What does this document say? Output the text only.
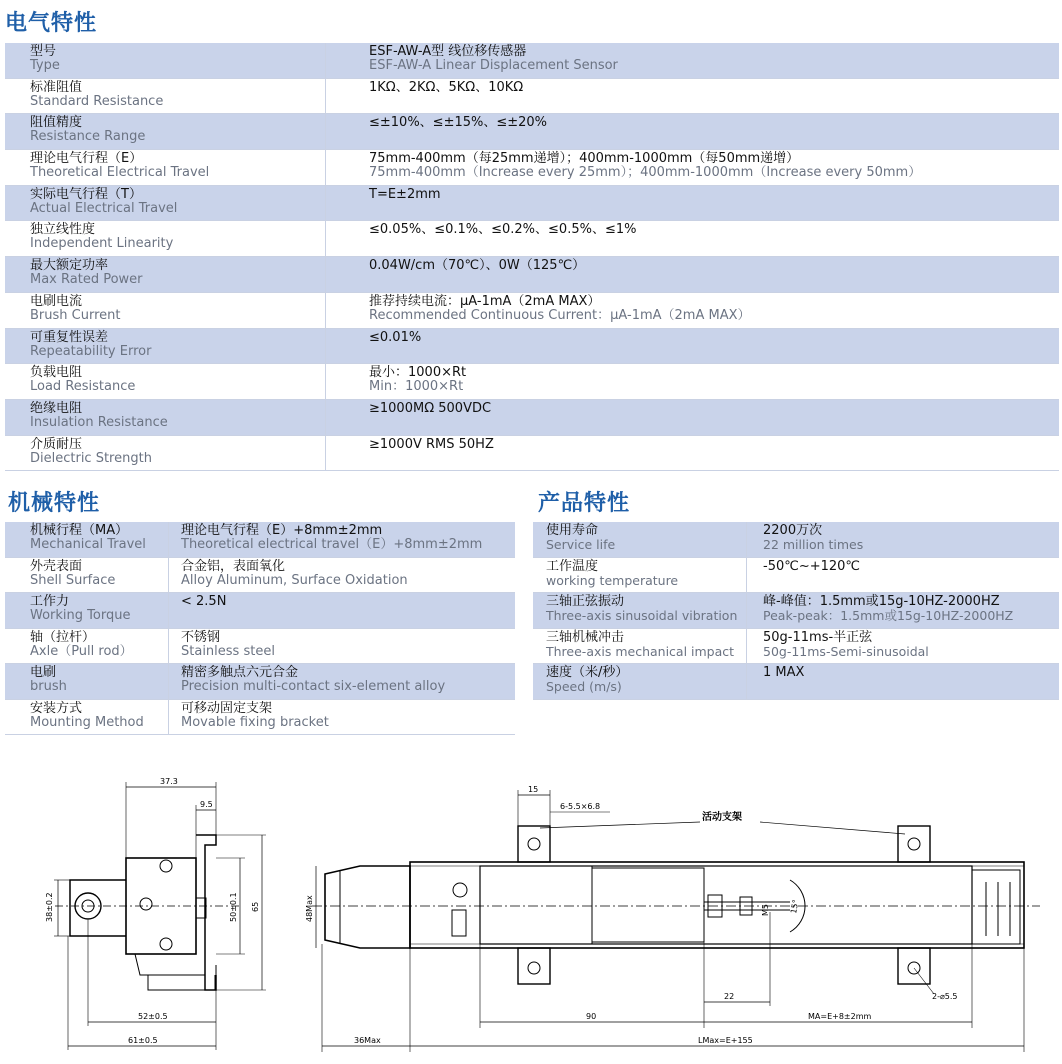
电气特性
型号
Type	ESF-AW-A型 线位移传感器
ESF-AW-A Linear Displacement Sensor

标准阻值
Standard Resistance	1KΩ、2KΩ、5KΩ、10KΩ

阻值精度
Resistance Range	≤±10%、≤±15%、≤±20%

理论电气行程（E）
Theoretical Electrical Travel	75mm-400mm（每25mm递增）；400mm-1000mm（每50mm递增）
75mm-400mm（Increase every 25mm）；400mm-1000mm（Increase every 50mm）

实际电气行程（T）
Actual Electrical Travel	T=E±2mm

独立线性度
Independent Linearity	≤0.05%、≤0.1%、≤0.2%、≤0.5%、≤1%

最大额定功率
Max Rated Power	0.04W/cm（70℃）、0W（125℃）

电刷电流
Brush Current	推荐持续电流：μA-1mA（2mA MAX）
Recommended Continuous Current：μA-1mA（2mA MAX）

可重复性误差
Repeatability Error	≤0.01%

负载电阻
Load Resistance	最小：1000×Rt
Min：1000×Rt

绝缘电阻
Insulation Resistance	≥1000MΩ 500VDC

介质耐压
Dielectric Strength	≥1000V RMS 50HZ
机械特性
机械行程（MA）
Mechanical Travel	理论电气行程（E）+8mm±2mm
Theoretical electrical travel（E）+8mm±2mm

外壳表面
Shell Surface	合金铝，表面氧化
Alloy Aluminum, Surface Oxidation

工作力
Working Torque	< 2.5N

轴（拉杆）
Axle（Pull rod）	不锈钢
Stainless steel

电刷
brush	精密多触点六元合金
Precision multi-contact six-element alloy

安装方式
Mounting Method	可移动固定支架
Movable fixing bracket
产品特性
使用寿命
Service life	2200万次
22 million times

工作温度
working temperature	-50℃~+120℃

三轴正弦振动
Three-axis sinusoidal vibration	峰-峰值：1.5mm或15g-10HZ-2000HZ
Peak-peak：1.5mm或15g-10HZ-2000HZ

三轴机械冲击
Three-axis mechanical impact	50g-11ms-半正弦
50g-11ms-Semi-sinusoidal

速度（米/秒）
Speed (m/s)	1 MAX
37.3
9.5
38±0.2	50±0.1 65
52±0.5
61±0.5
15
6-5.5×6.8
活动支架
48Max	M5 15°
22
90	MA=E+8±2mm
2-⌀5.5
36Max	LMax=E+155
